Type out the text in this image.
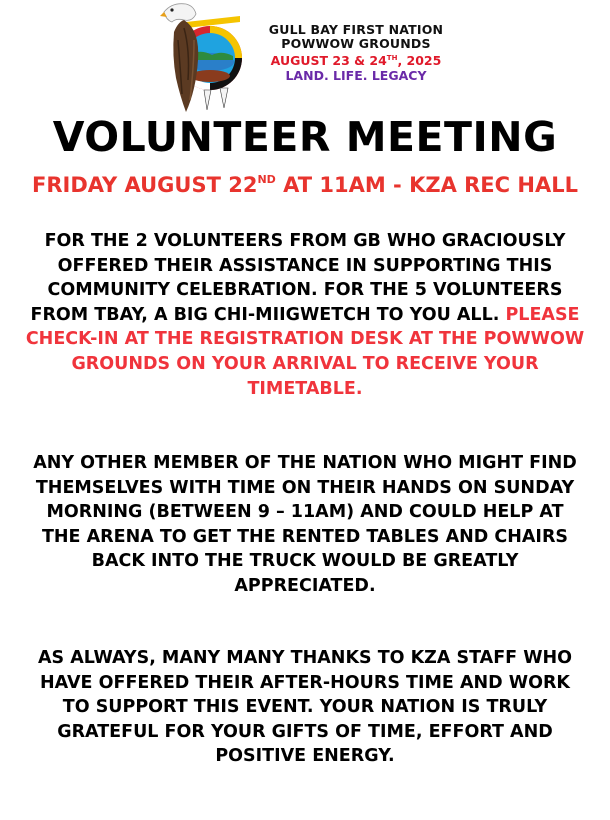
GULL BAY FIRST NATION
POWWOW GROUNDS
AUGUST 23 & 24TH, 2025
LAND. LIFE. LEGACY
VOLUNTEER MEETING
FRIDAY AUGUST 22ND AT 11AM - KZA REC HALL
FOR THE 2 VOLUNTEERS FROM GB WHO GRACIOUSLY OFFERED THEIR ASSISTANCE IN SUPPORTING THIS COMMUNITY CELEBRATION. FOR THE 5 VOLUNTEERS FROM TBAY, A BIG CHI-MIIGWETCH TO YOU ALL. PLEASE CHECK-IN AT THE REGISTRATION DESK AT THE POWWOW GROUNDS ON YOUR ARRIVAL TO RECEIVE YOUR TIMETABLE.
ANY OTHER MEMBER OF THE NATION WHO MIGHT FIND THEMSELVES WITH TIME ON THEIR HANDS ON SUNDAY MORNING (BETWEEN 9 – 11AM) AND COULD HELP AT THE ARENA TO GET THE RENTED TABLES AND CHAIRS BACK INTO THE TRUCK WOULD BE GREATLY APPRECIATED.
AS ALWAYS, MANY MANY THANKS TO KZA STAFF WHO HAVE OFFERED THEIR AFTER-HOURS TIME AND WORK TO SUPPORT THIS EVENT. YOUR NATION IS TRULY GRATEFUL FOR YOUR GIFTS OF TIME, EFFORT AND POSITIVE ENERGY.
